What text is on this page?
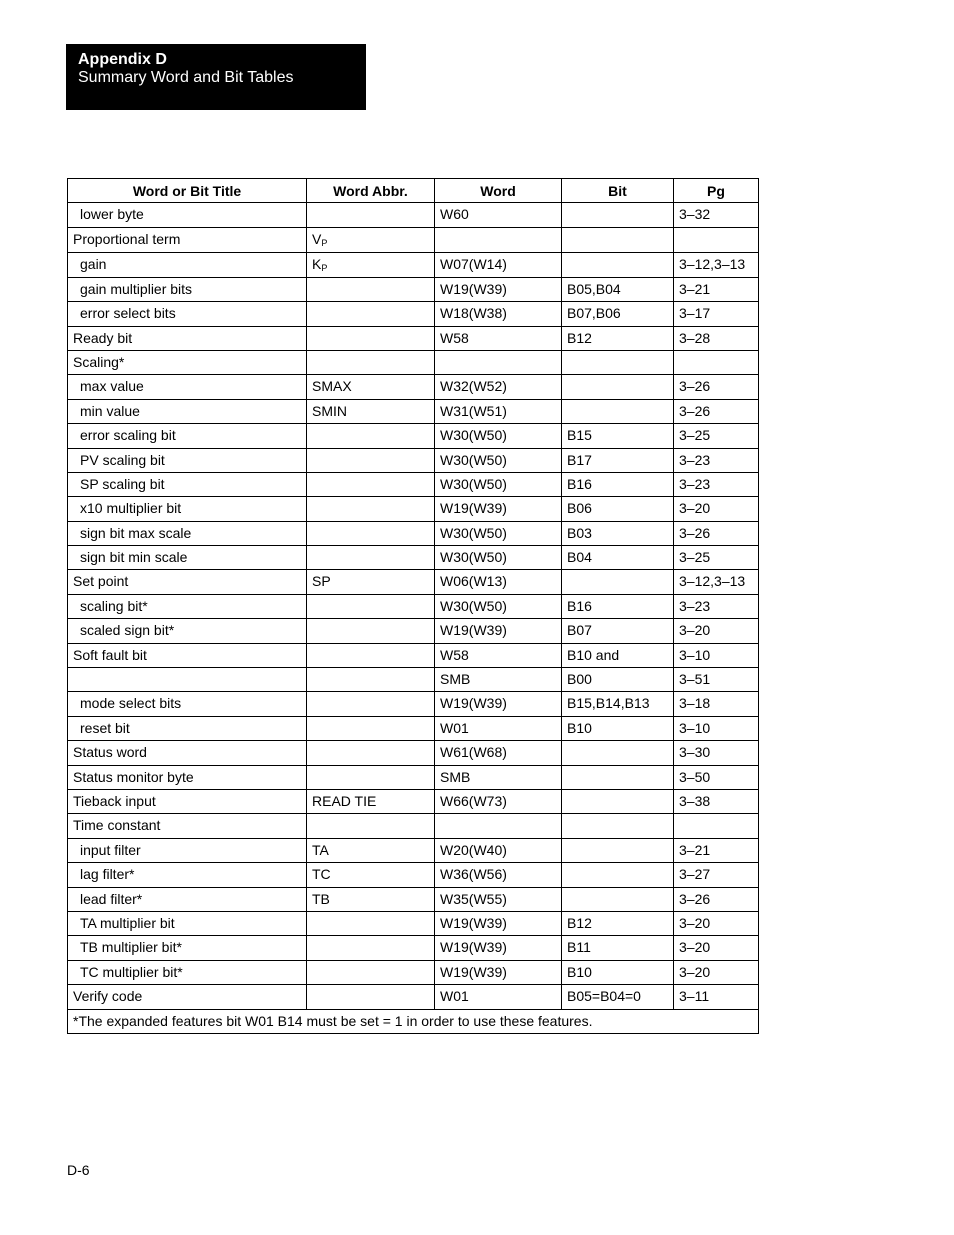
Appendix D
Summary Word and Bit Tables
Word or Bit Title	Word Abbr.	Word	Bit	Pg
lower byte		W60		3–32
Proportional term	$V_P$			
gain	$K_P$	W07(W14)		3–12,3–13
gain multiplier bits		W19(W39)	B05,B04	3–21
error select bits		W18(W38)	B07,B06	3–17
Ready bit		W58	B12	3–28
Scaling*				
max value	SMAX	W32(W52)		3–26
min value	SMIN	W31(W51)		3–26
error scaling bit		W30(W50)	B15	3–25
PV scaling bit		W30(W50)	B17	3–23
SP scaling bit		W30(W50)	B16	3–23
x10 multiplier bit		W19(W39)	B06	3–20
sign bit max scale		W30(W50)	B03	3–26
sign bit min scale		W30(W50)	B04	3–25
Set point	SP	W06(W13)		3–12,3–13
scaling bit*		W30(W50)	B16	3–23
scaled sign bit*		W19(W39)	B07	3–20
Soft fault bit		W58	B10 and	3–10
		SMB	B00	3–51
mode select bits		W19(W39)	B15,B14,B13	3–18
reset bit		W01	B10	3–10
Status word		W61(W68)		3–30
Status monitor byte		SMB		3–50
Tieback input	READ TIE	W66(W73)		3–38
Time constant				
input filter	TA	W20(W40)		3–21
lag filter*	TC	W36(W56)		3–27
lead filter*	TB	W35(W55)		3–26
TA multiplier bit		W19(W39)	B12	3–20
TB multiplier bit*		W19(W39)	B11	3–20
TC multiplier bit*		W19(W39)	B10	3–20
Verify code		W01	B05=B04=0	3–11
*The expanded features bit W01 B14 must be set = 1 in order to use these features.				
D-6
